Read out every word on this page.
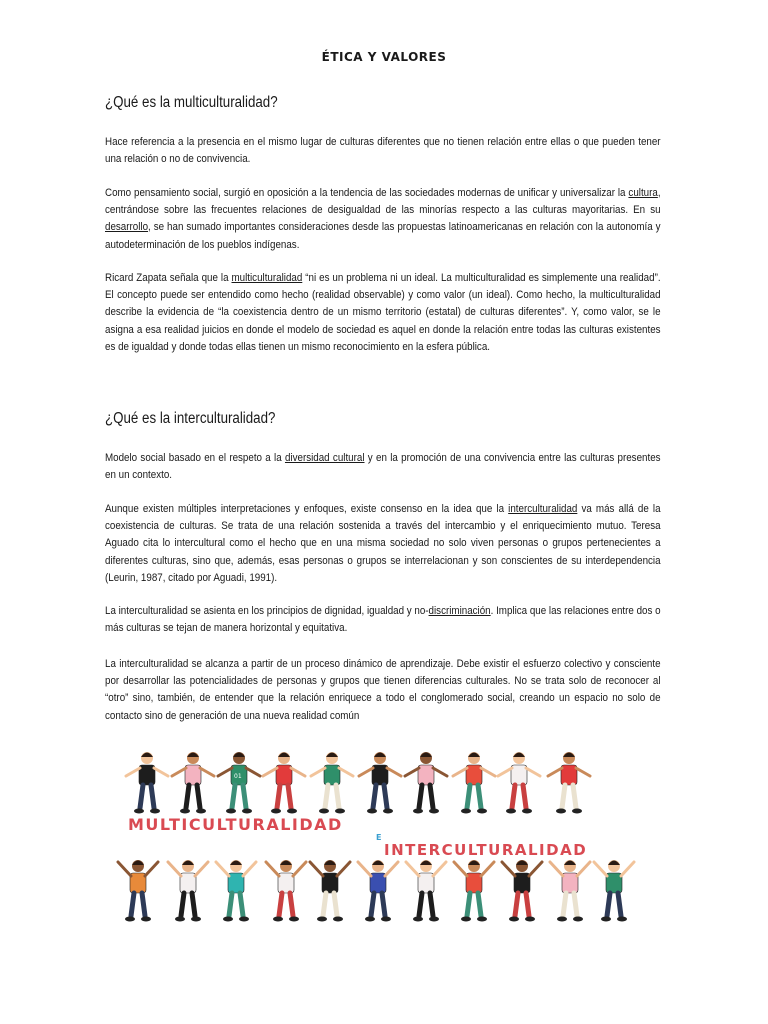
ÉTICA Y VALORES
¿Qué es la multiculturalidad?

Hace referencia a la presencia en el mismo lugar de culturas diferentes que no tienen relación entre ellas o que pueden tener una relación o no de convivencia.

Como pensamiento social, surgió en oposición a la tendencia de las sociedades modernas de unificar y universalizar la cultura, centrándose sobre las frecuentes relaciones de desigualdad de las minorías respecto a las culturas mayoritarias. En su desarrollo, se han sumado importantes consideraciones desde las propuestas latinoamericanas en relación con la autonomía y autodeterminación de los pueblos indígenas.

Ricard Zapata señala que la multiculturalidad “ni es un problema ni un ideal. La multiculturalidad es simplemente una realidad”. El concepto puede ser entendido como hecho (realidad observable) y como valor (un ideal). Como hecho, la multiculturalidad describe la evidencia de “la coexistencia dentro de un mismo territorio (estatal) de culturas diferentes”. Y, como valor, se le asigna a esa realidad juicios en donde el modelo de sociedad es aquel en donde la relación entre todas las culturas existentes es de igualdad y donde todas ellas tienen un mismo reconocimiento en la esfera pública.

¿Qué es la interculturalidad?

Modelo social basado en el respeto a la diversidad cultural y en la promoción de una convivencia entre las culturas presentes en un contexto.

Aunque existen múltiples interpretaciones y enfoques, existe consenso en la idea que la interculturalidad va más allá de la coexistencia de culturas. Se trata de una relación sostenida a través del intercambio y el enriquecimiento mutuo. Teresa Aguado cita lo intercultural como el hecho que en una misma sociedad no solo viven personas o grupos pertenecientes a diferentes culturas, sino que, además, esas personas o grupos se interrelacionan y son conscientes de su interdependencia (Leurin, 1987, citado por Aguadi, 1991).

La interculturalidad se asienta en los principios de dignidad, igualdad y no-discriminación. Implica que las relaciones entre dos o más culturas se tejan de manera horizontal y equitativa.

La interculturalidad se alcanza a partir de un proceso dinámico de aprendizaje. Debe existir el esfuerzo colectivo y consciente por desarrollar las potencialidades de personas y grupos que tienen diferencias culturales. No se trata solo de reconocer al “otro” sino, también, de entender que la relación enriquece a todo el conglomerado social, creando un espacio no solo de contacto sino de generación de una nueva realidad común

01
MULTICULTURALIDAD
E
INTERCULTURALIDAD
